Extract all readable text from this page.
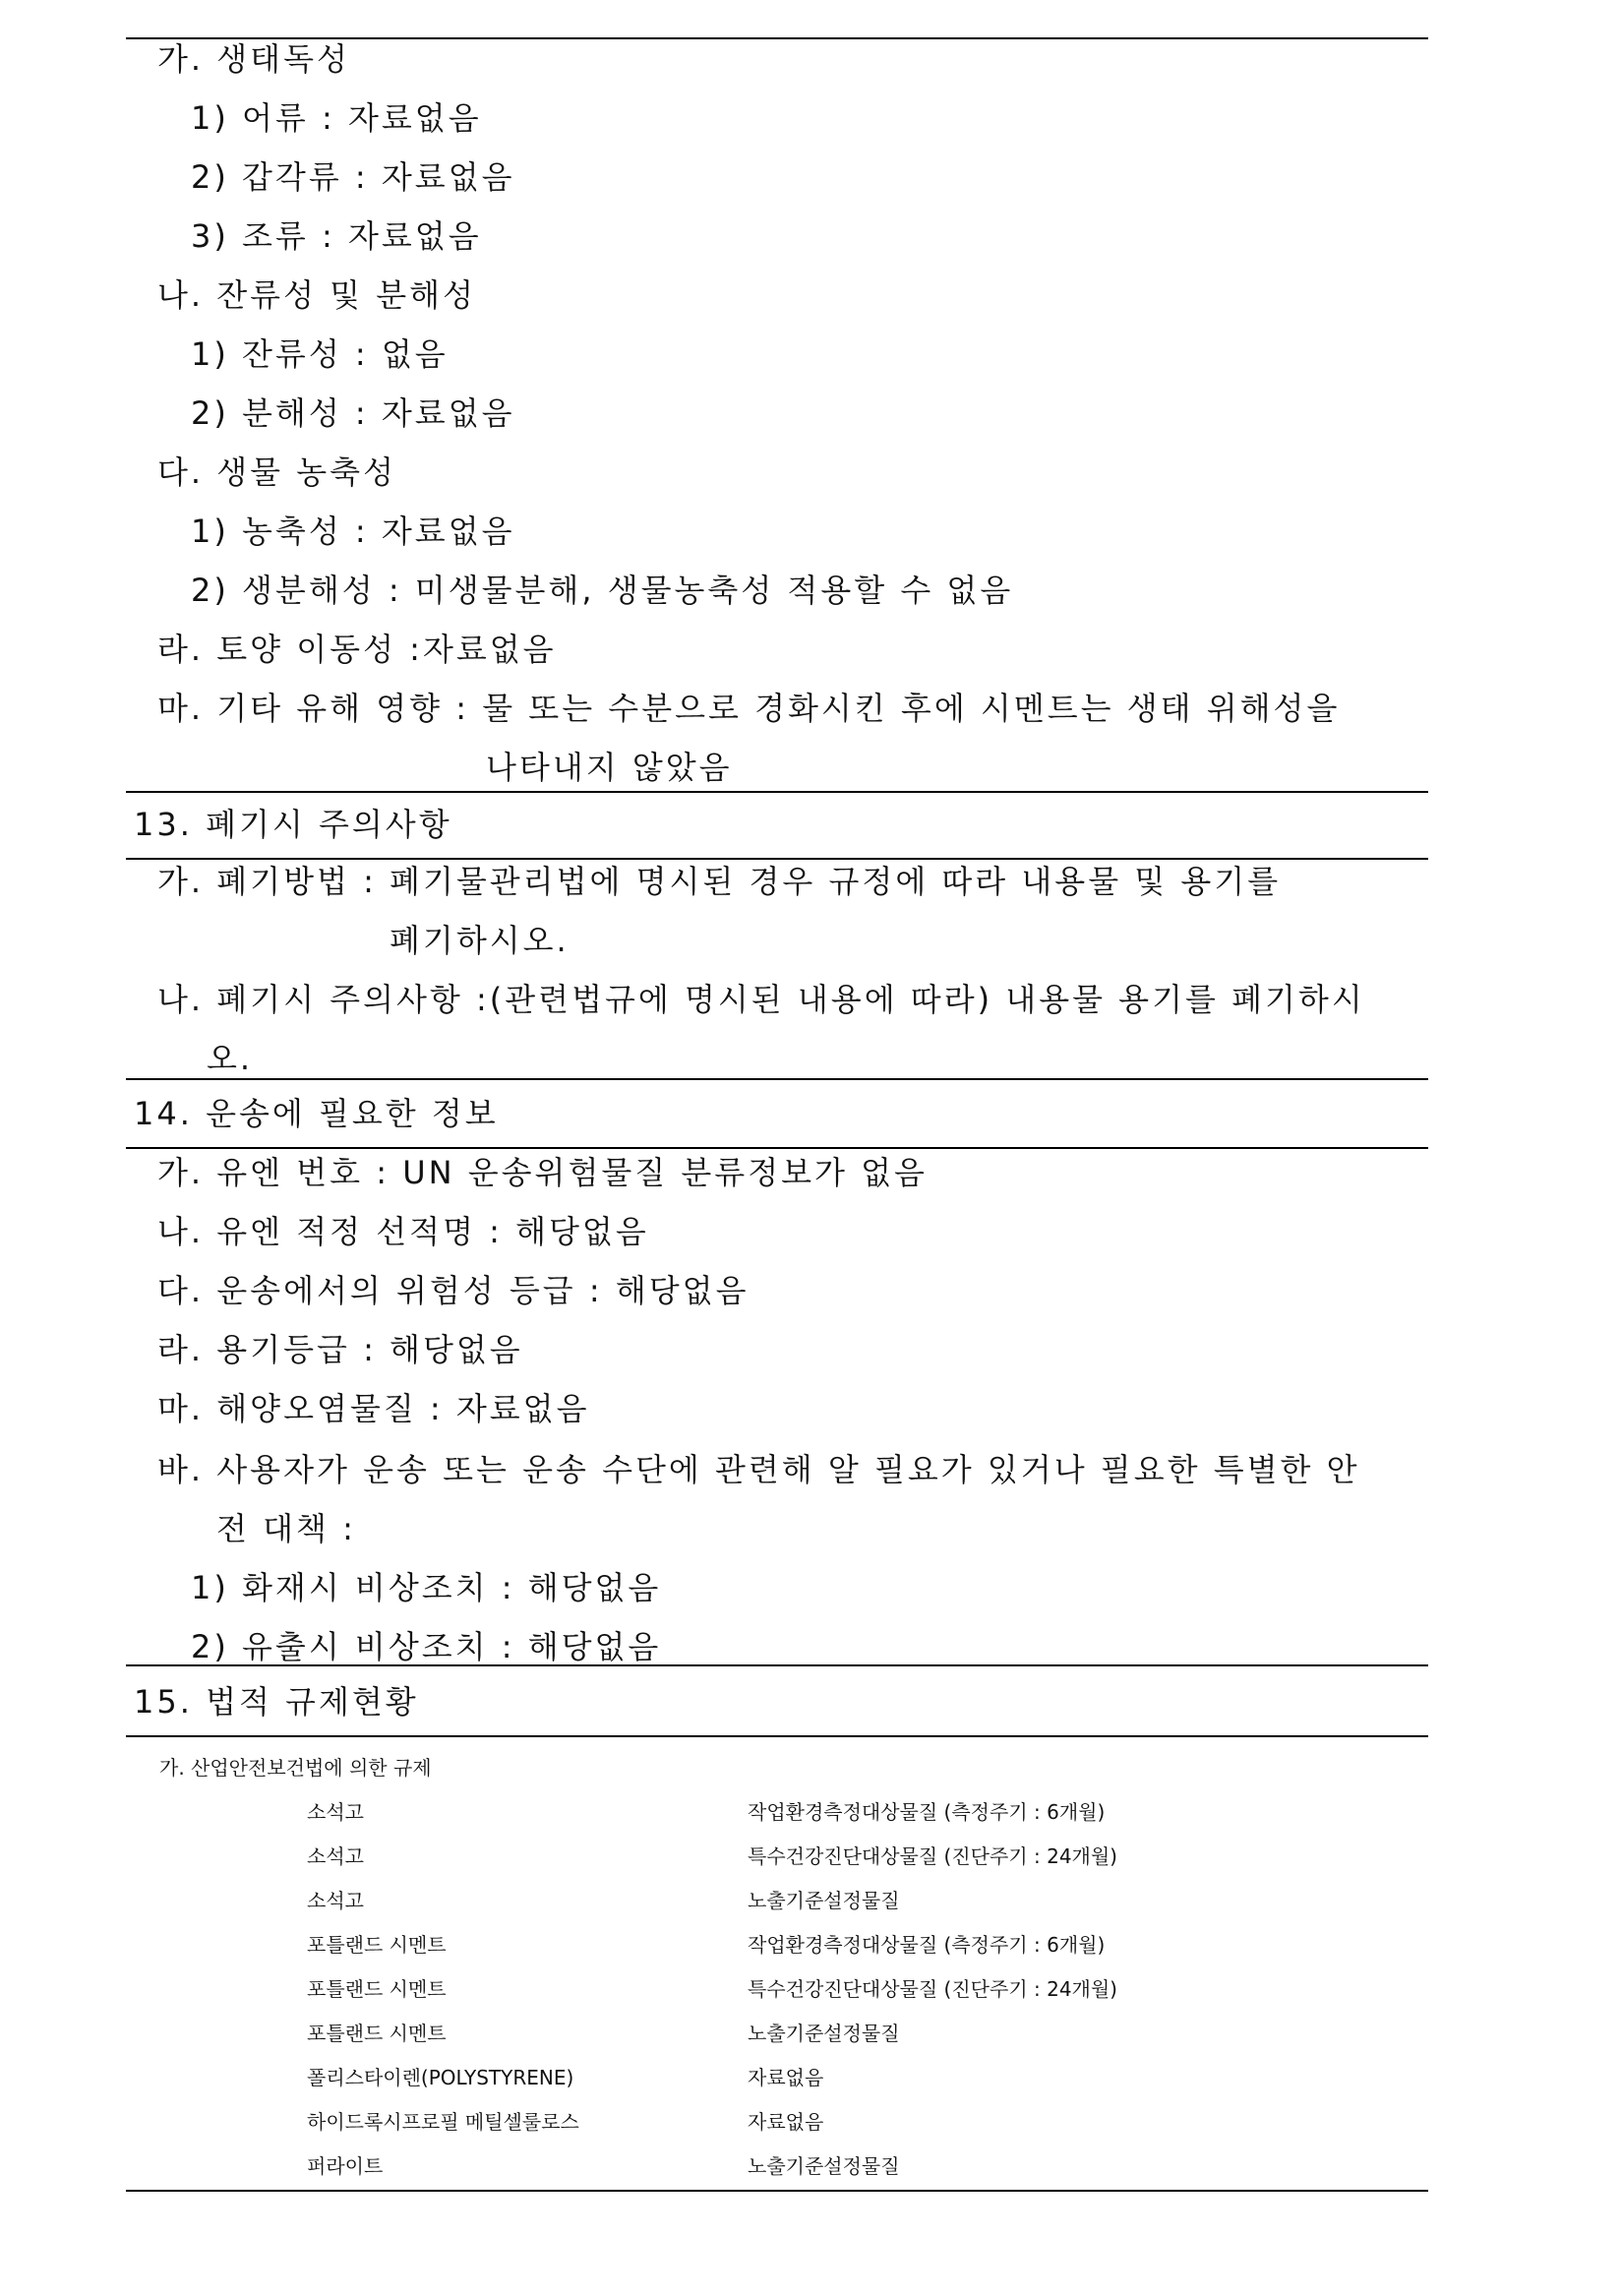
가. 생태독성
1) 어류 : 자료없음
2) 갑각류 : 자료없음
3) 조류 : 자료없음
나. 잔류성 및 분해성
1) 잔류성 : 없음
2) 분해성 : 자료없음
다. 생물 농축성
1) 농축성 : 자료없음
2) 생분해성 : 미생물분해, 생물농축성 적용할 수 없음
라. 토양 이동성 :자료없음
마. 기타 유해 영향 : 물 또는 수분으로 경화시킨 후에 시멘트는 생태 위해성을
나타내지 않았음
13. 폐기시 주의사항
가. 폐기방법 : 폐기물관리법에 명시된 경우 규정에 따라 내용물 및 용기를
폐기하시오.
나. 폐기시 주의사항 :(관련법규에 명시된 내용에 따라) 내용물 용기를 폐기하시
오.
14. 운송에 필요한 정보
가. 유엔 번호 : UN 운송위험물질 분류정보가 없음
나. 유엔 적정 선적명 : 해당없음
다. 운송에서의 위험성 등급 : 해당없음
라. 용기등급 : 해당없음
마. 해양오염물질 : 자료없음
바. 사용자가 운송 또는 운송 수단에 관련해 알 필요가 있거나 필요한 특별한 안
전 대책 :
1) 화재시 비상조치 : 해당없음
2) 유출시 비상조치 : 해당없음
15. 법적 규제현황
가. 산업안전보건법에 의한 규제
소석고	작업환경측정대상물질 (측정주기 : 6개월)
소석고	특수건강진단대상물질 (진단주기 : 24개월)
소석고	노출기준설정물질
포틀랜드 시멘트	작업환경측정대상물질 (측정주기 : 6개월)
포틀랜드 시멘트	특수건강진단대상물질 (진단주기 : 24개월)
포틀랜드 시멘트	노출기준설정물질
폴리스타이렌(POLYSTYRENE)	자료없음
하이드록시프로필 메틸셀룰로스	자료없음
퍼라이트	노출기준설정물질
